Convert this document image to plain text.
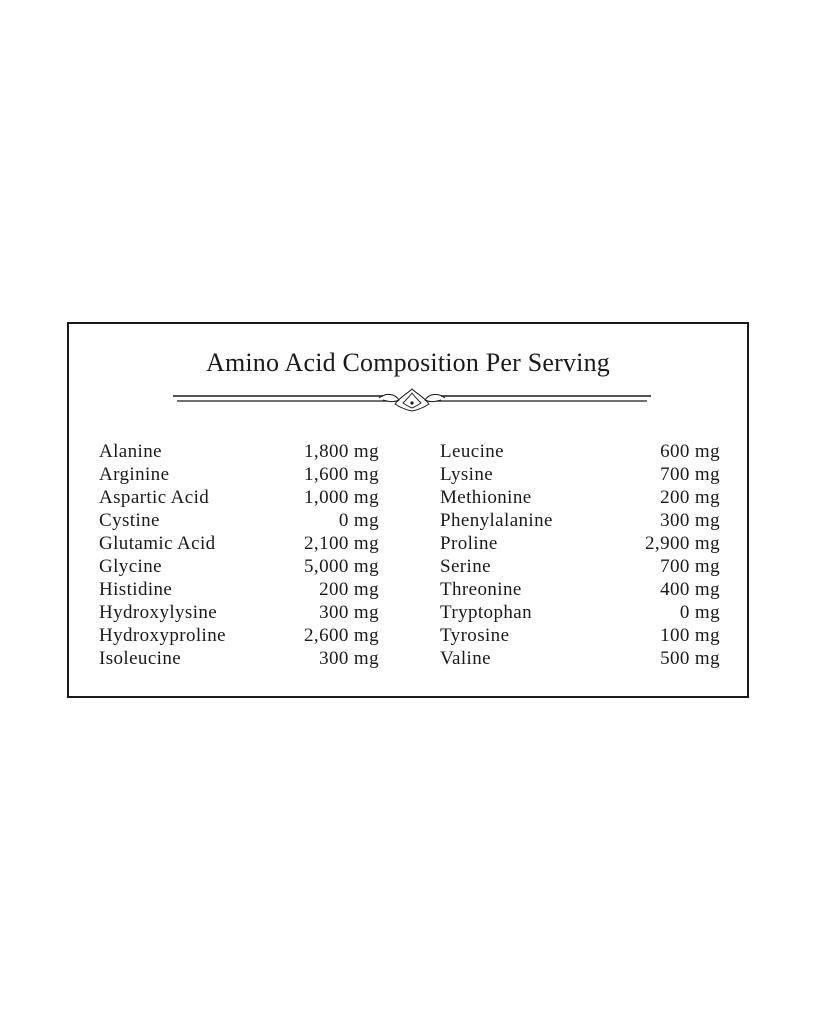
Amino Acid Composition Per Serving
Alanine	1,800 mg
Arginine	1,600 mg
Aspartic Acid	1,000 mg
Cystine	0 mg
Glutamic Acid	2,100 mg
Glycine	5,000 mg
Histidine	200 mg
Hydroxylysine	300 mg
Hydroxyproline	2,600 mg
Isoleucine	300 mg
Leucine	600 mg
Lysine	700 mg
Methionine	200 mg
Phenylalanine	300 mg
Proline	2,900 mg
Serine	700 mg
Threonine	400 mg
Tryptophan	0 mg
Tyrosine	100 mg
Valine	500 mg
